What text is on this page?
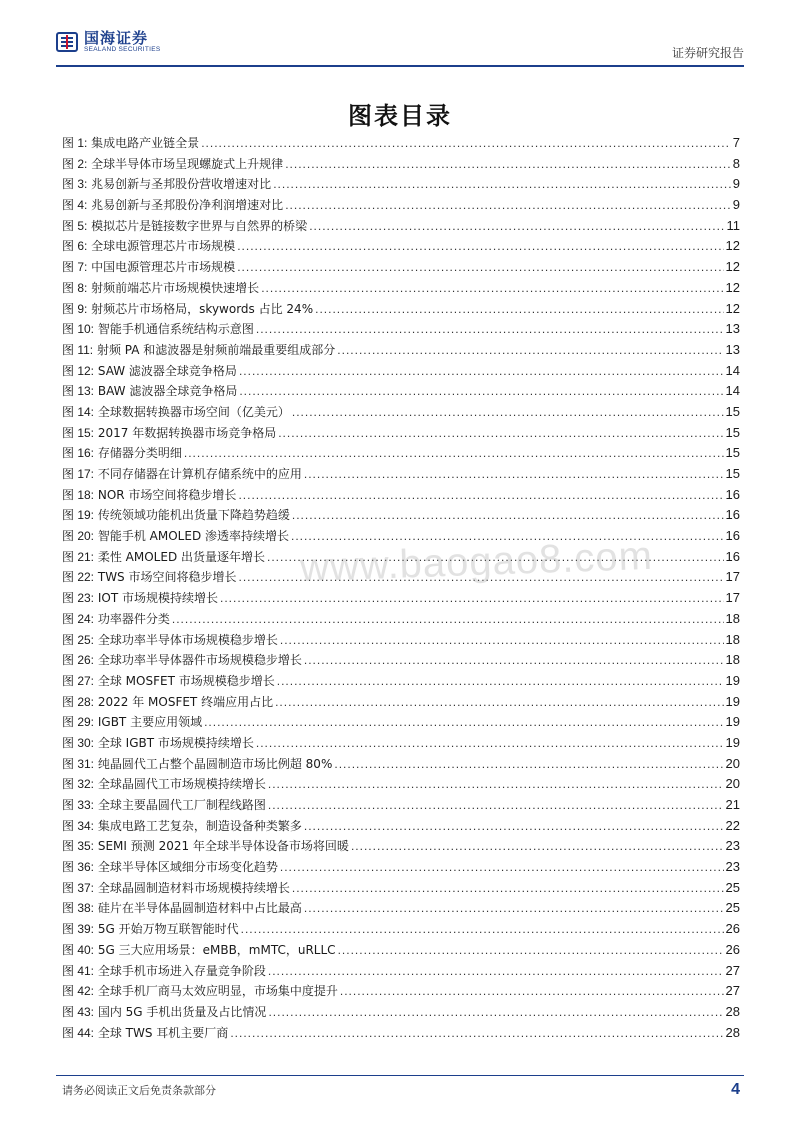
国海证券
SEALAND SECURITIES	证券研究报告
图表目录
图 1: 集成电路产业链全景 .....	7
图 2: 全球半导体市场呈现螺旋式上升规律 .....	8
图 3: 兆易创新与圣邦股份营收增速对比 .....	9
图 4: 兆易创新与圣邦股份净利润增速对比 .....	9
图 5: 模拟芯片是链接数字世界与自然界的桥梁 .....	11
图 6: 全球电源管理芯片市场规模 .....	12
图 7: 中国电源管理芯片市场规模 .....	12
图 8: 射频前端芯片市场规模快速增长 .....	12
图 9: 射频芯片市场格局，skywords 占比 24% .....	12
图 10: 智能手机通信系统结构示意图 .....	13
图 11: 射频 PA 和滤波器是射频前端最重要组成部分 .....	13
图 12: SAW 滤波器全球竞争格局 .....	14
图 13: BAW 滤波器全球竞争格局 .....	14
图 14: 全球数据转换器市场空间（亿美元） .....	15
图 15: 2017 年数据转换器市场竞争格局 .....	15
图 16: 存储器分类明细 .....	15
图 17: 不同存储器在计算机存储系统中的应用 .....	15
图 18: NOR 市场空间将稳步增长 .....	16
图 19: 传统领域功能机出货量下降趋势趋缓 .....	16
图 20: 智能手机 AMOLED 渗透率持续增长 .....	16
图 21: 柔性 AMOLED 出货量逐年增长 .....	16
图 22: TWS 市场空间将稳步增长 .....	17
图 23: IOT 市场规模持续增长 .....	17
图 24: 功率器件分类 .....	18
图 25: 全球功率半导体市场规模稳步增长 .....	18
图 26: 全球功率半导体器件市场规模稳步增长 .....	18
图 27: 全球 MOSFET 市场规模稳步增长 .....	19
图 28: 2022 年 MOSFET 终端应用占比 .....	19
图 29: IGBT 主要应用领域 .....	19
图 30: 全球 IGBT 市场规模持续增长 .....	19
图 31: 纯晶圆代工占整个晶圆制造市场比例超 80% .....	20
图 32: 全球晶圆代工市场规模持续增长 .....	20
图 33: 全球主要晶圆代工厂制程线路图 .....	21
图 34: 集成电路工艺复杂，制造设备种类繁多 .....	22
图 35: SEMI 预测 2021 年全球半导体设备市场将回暖 .....	23
图 36: 全球半导体区域细分市场变化趋势 .....	23
图 37: 全球晶圆制造材料市场规模持续增长 .....	25
图 38: 硅片在半导体晶圆制造材料中占比最高 .....	25
图 39: 5G 开始万物互联智能时代 .....	26
图 40: 5G 三大应用场景：eMBB，mMTC，uRLLC .....	26
图 41: 全球手机市场进入存量竞争阶段 .....	27
图 42: 全球手机厂商马太效应明显，市场集中度提升 .....	27
图 43: 国内 5G 手机出货量及占比情况 .....	28
图 44: 全球 TWS 耳机主要厂商 .....	28
www.baogao8.com
请务必阅读正文后免责条款部分	4
